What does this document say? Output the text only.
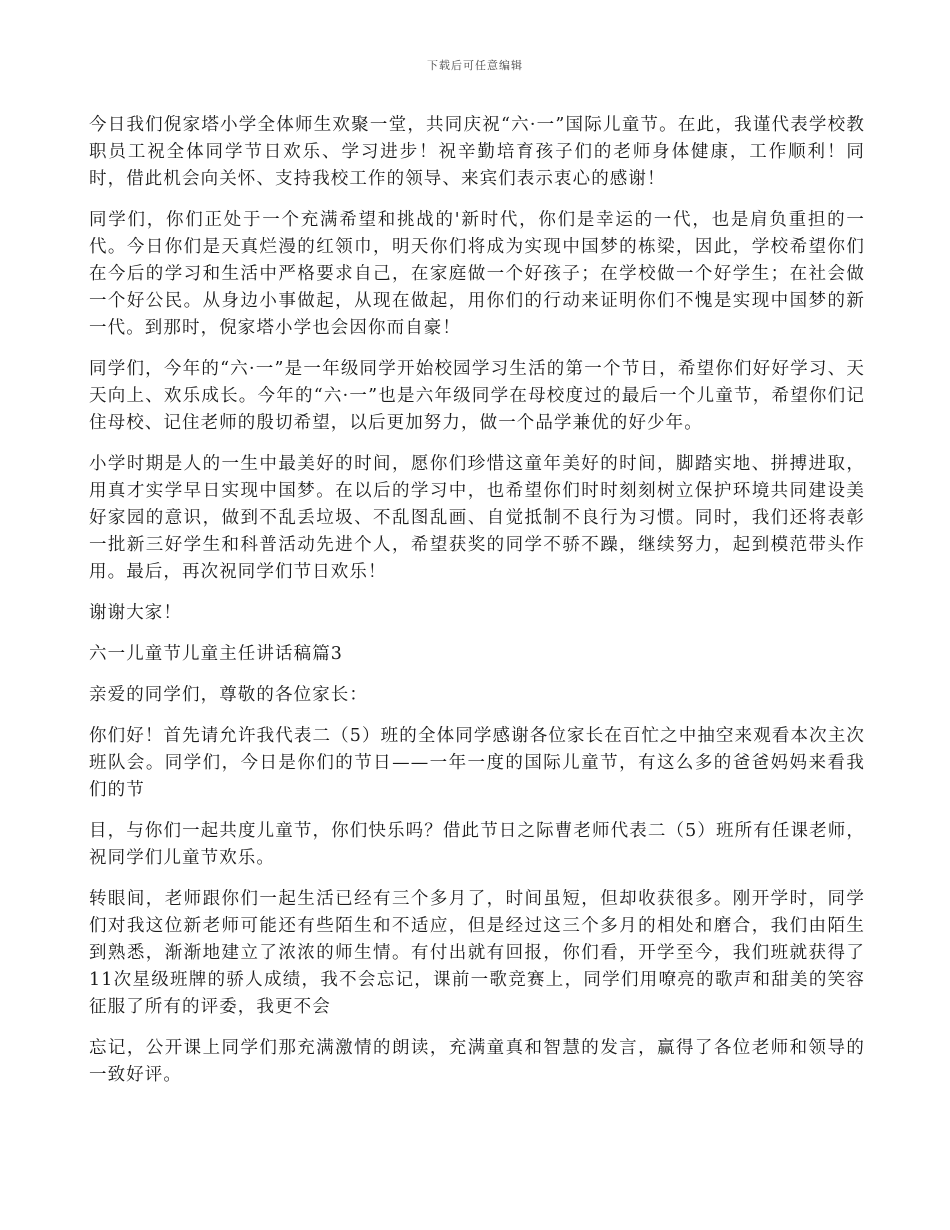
下载后可任意编辑

今日我们倪家塔小学全体师生欢聚一堂，共同庆祝“六·一”国际儿童节。在此，我谨代表学校教职员工祝全体同学节日欢乐、学习进步！祝辛勤培育孩子们的老师身体健康，工作顺利！同时，借此机会向关怀、支持我校工作的领导、来宾们表示衷心的感谢！

同学们，你们正处于一个充满希望和挑战的'新时代，你们是幸运的一代，也是肩负重担的一代。今日你们是天真烂漫的红领巾，明天你们将成为实现中国梦的栋梁，因此，学校希望你们在今后的学习和生活中严格要求自己，在家庭做一个好孩子；在学校做一个好学生；在社会做一个好公民。从身边小事做起，从现在做起，用你们的行动来证明你们不愧是实现中国梦的新一代。到那时，倪家塔小学也会因你而自豪！

同学们，今年的“六·一”是一年级同学开始校园学习生活的第一个节日，希望你们好好学习、天天向上、欢乐成长。今年的“六·一”也是六年级同学在母校度过的最后一个儿童节，希望你们记住母校、记住老师的殷切希望，以后更加努力，做一个品学兼优的好少年。

小学时期是人的一生中最美好的时间，愿你们珍惜这童年美好的时间，脚踏实地、拼搏进取，用真才实学早日实现中国梦。在以后的学习中，也希望你们时时刻刻树立保护环境共同建设美好家园的意识，做到不乱丢垃圾、不乱图乱画、自觉抵制不良行为习惯。同时，我们还将表彰一批新三好学生和科普活动先进个人，希望获奖的同学不骄不躁，继续努力，起到模范带头作用。最后，再次祝同学们节日欢乐！

谢谢大家！

六一儿童节儿童主任讲话稿篇3

亲爱的同学们，尊敬的各位家长：

你们好！首先请允许我代表二（5）班的全体同学感谢各位家长在百忙之中抽空来观看本次主次班队会。同学们，今日是你们的节日——一年一度的国际儿童节，有这么多的爸爸妈妈来看我们的节

目，与你们一起共度儿童节，你们快乐吗？借此节日之际曹老师代表二（5）班所有任课老师，祝同学们儿童节欢乐。

转眼间，老师跟你们一起生活已经有三个多月了，时间虽短，但却收获很多。刚开学时，同学们对我这位新老师可能还有些陌生和不适应，但是经过这三个多月的相处和磨合，我们由陌生到熟悉，渐渐地建立了浓浓的师生情。有付出就有回报，你们看，开学至今，我们班就获得了11次星级班牌的骄人成绩，我不会忘记，课前一歌竞赛上，同学们用嘹亮的歌声和甜美的笑容征服了所有的评委，我更不会

忘记，公开课上同学们那充满激情的朗读，充满童真和智慧的发言，赢得了各位老师和领导的一致好评。
